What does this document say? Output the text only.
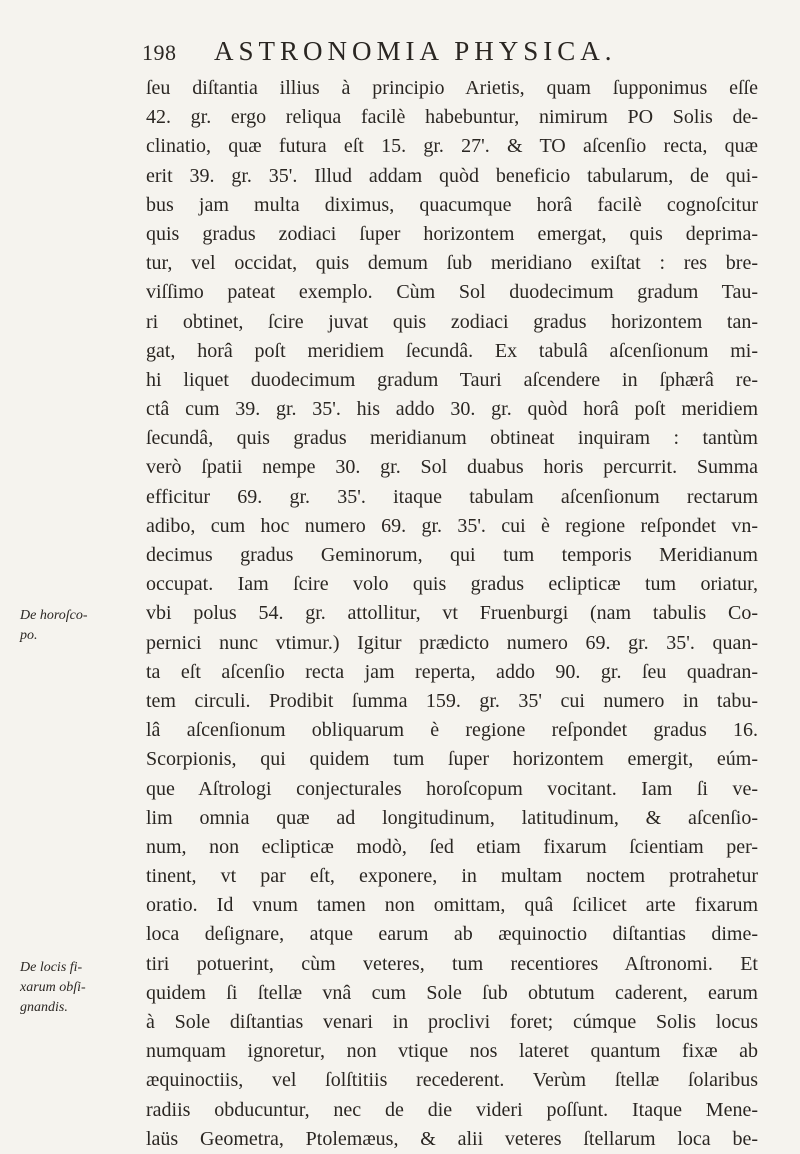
198	ASTRONOMIA PHYSICA.
ſeu diſtantia illius à principio Arietis, quam ſupponimus eſſe
42. gr. ergo reliqua facilè habebuntur, nimirum PO Solis de-
clinatio, quæ futura eſt 15. gr. 27'. & TO aſcenſio recta, quæ
erit 39. gr. 35'. Illud addam quòd beneficio tabularum, de qui-
bus jam multa diximus, quacumque horâ facilè cognoſcitur
quis gradus zodiaci ſuper horizontem emergat, quis deprima-
tur, vel occidat, quis demum ſub meridiano exiſtat : res bre-
viſſimo pateat exemplo. Cùm Sol duodecimum gradum Tau-
ri obtinet, ſcire juvat quis zodiaci gradus horizontem tan-
gat, horâ poſt meridiem ſecundâ. Ex tabulâ aſcenſionum mi-
hi liquet duodecimum gradum Tauri aſcendere in ſphærâ re-
ctâ cum 39. gr. 35'. his addo 30. gr. quòd horâ poſt meridiem
ſecundâ, quis gradus meridianum obtineat inquiram : tantùm
verò ſpatii nempe 30. gr. Sol duabus horis percurrit. Summa
efficitur 69. gr. 35'. itaque tabulam aſcenſionum rectarum
adibo, cum hoc numero 69. gr. 35'. cui è regione reſpondet vn-
decimus gradus Geminorum, qui tum temporis Meridianum
occupat. Iam ſcire volo quis gradus eclipticæ tum oriatur,
vbi polus 54. gr. attollitur, vt Fruenburgi (nam tabulis Co-
pernici nunc vtimur.) Igitur prædicto numero 69. gr. 35'. quan-
ta eſt aſcenſio recta jam reperta, addo 90. gr. ſeu quadran-
tem circuli. Prodibit ſumma 159. gr. 35' cui numero in tabu-
lâ aſcenſionum obliquarum è regione reſpondet gradus 16.
Scorpionis, qui quidem tum ſuper horizontem emergit, eúm-
que Aſtrologi conjecturales horoſcopum vocitant. Iam ſi ve-
lim omnia quæ ad longitudinum, latitudinum, & aſcenſio-
num, non eclipticæ modò, ſed etiam fixarum ſcientiam per-
tinent, vt par eſt, exponere, in multam noctem protrahetur
oratio. Id vnum tamen non omittam, quâ ſcilicet arte fixarum
loca deſignare, atque earum ab æquinoctio diſtantias dime-
tiri potuerint, cùm veteres, tum recentiores Aſtronomi. Et
quidem ſi ſtellæ vnâ cum Sole ſub obtutum caderent, earum
à Sole diſtantias venari in proclivi foret; cúmque Solis locus
numquam ignoretur, non vtique nos lateret quantum fixæ ab
æquinoctiis, vel ſolſtitiis recederent. Verùm ſtellæ ſolaribus
radiis obducuntur, nec de die videri poſſunt. Itaque Mene-
laüs Geometra, Ptolemæus, & alii veteres ſtellarum loca be-
De horoſco-
po.
De locis fi-
xarum obſi-
gnandis.
